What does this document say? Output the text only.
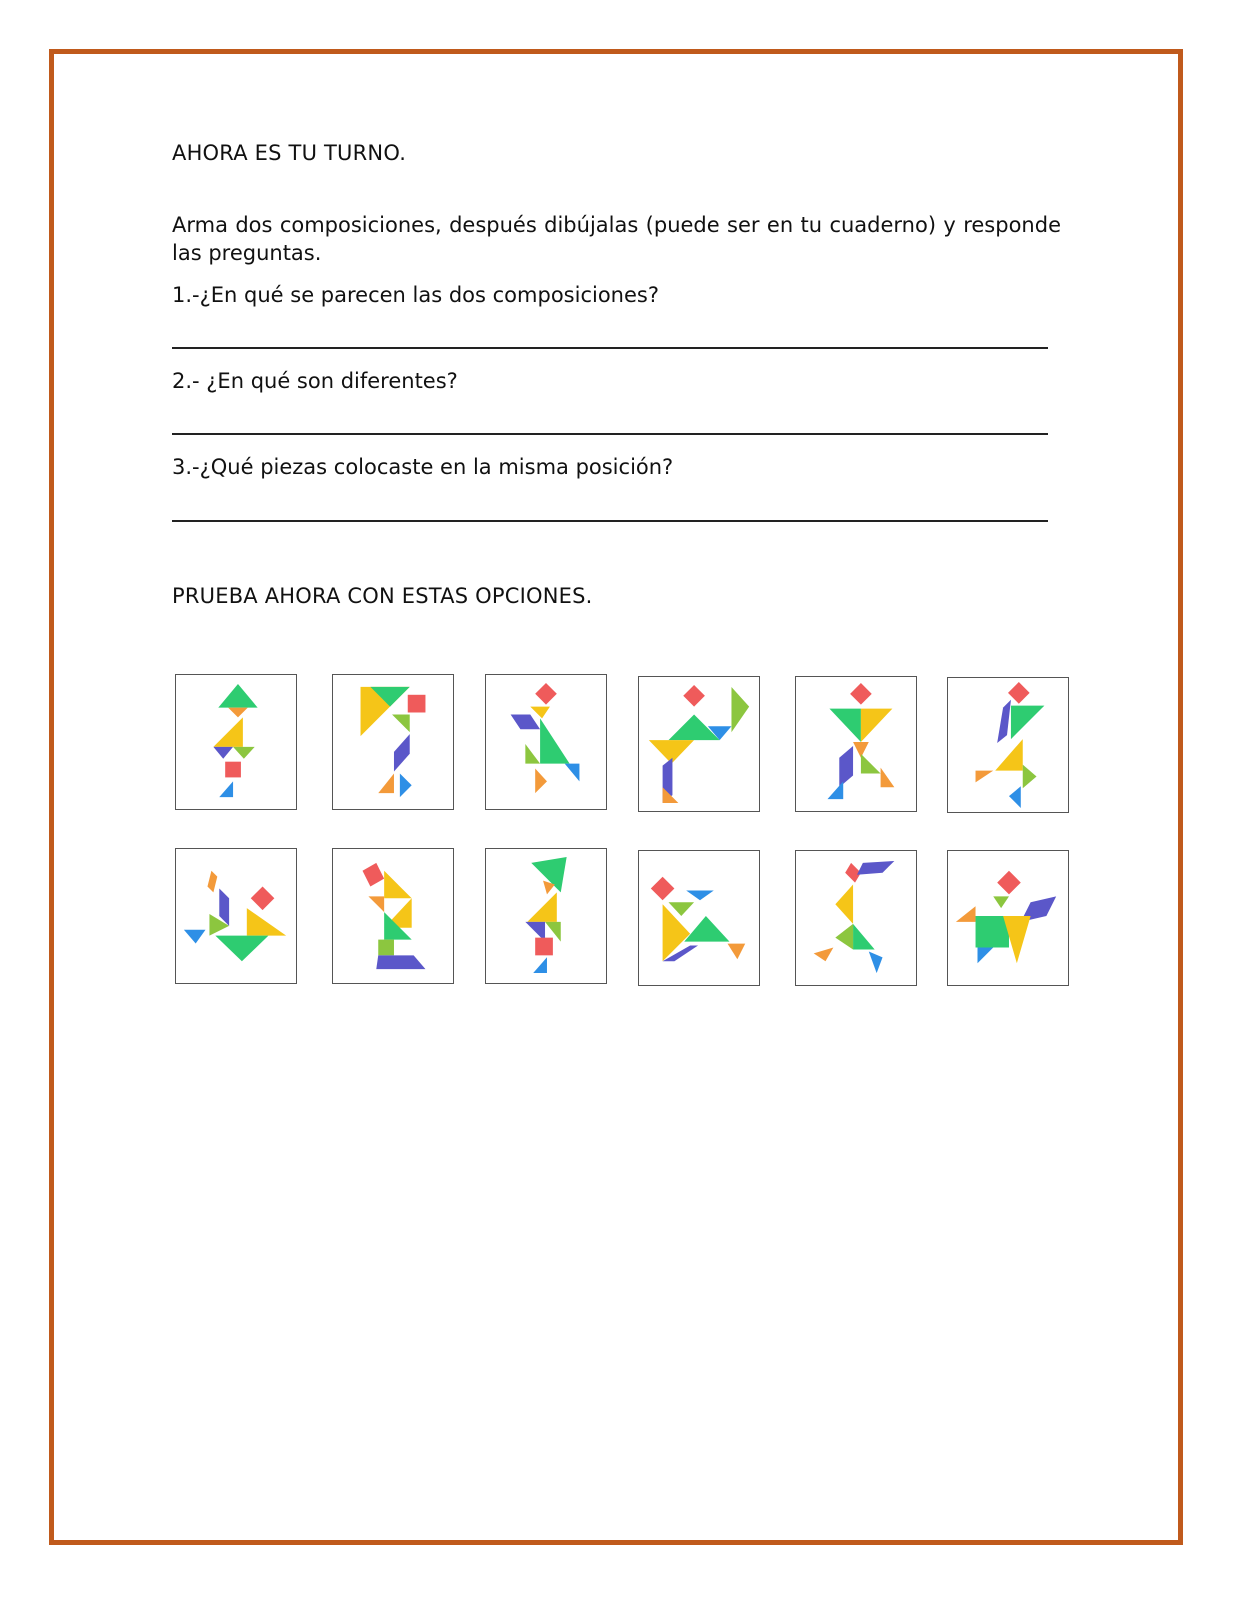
AHORA ES TU TURNO.
Arma dos composiciones, después dibújalas (puede ser en tu cuaderno) y responde las preguntas.
1.-¿En qué se parecen las dos composiciones?
2.- ¿En qué son diferentes?
3.-¿Qué piezas colocaste en la misma posición?
PRUEBA AHORA CON ESTAS OPCIONES.
